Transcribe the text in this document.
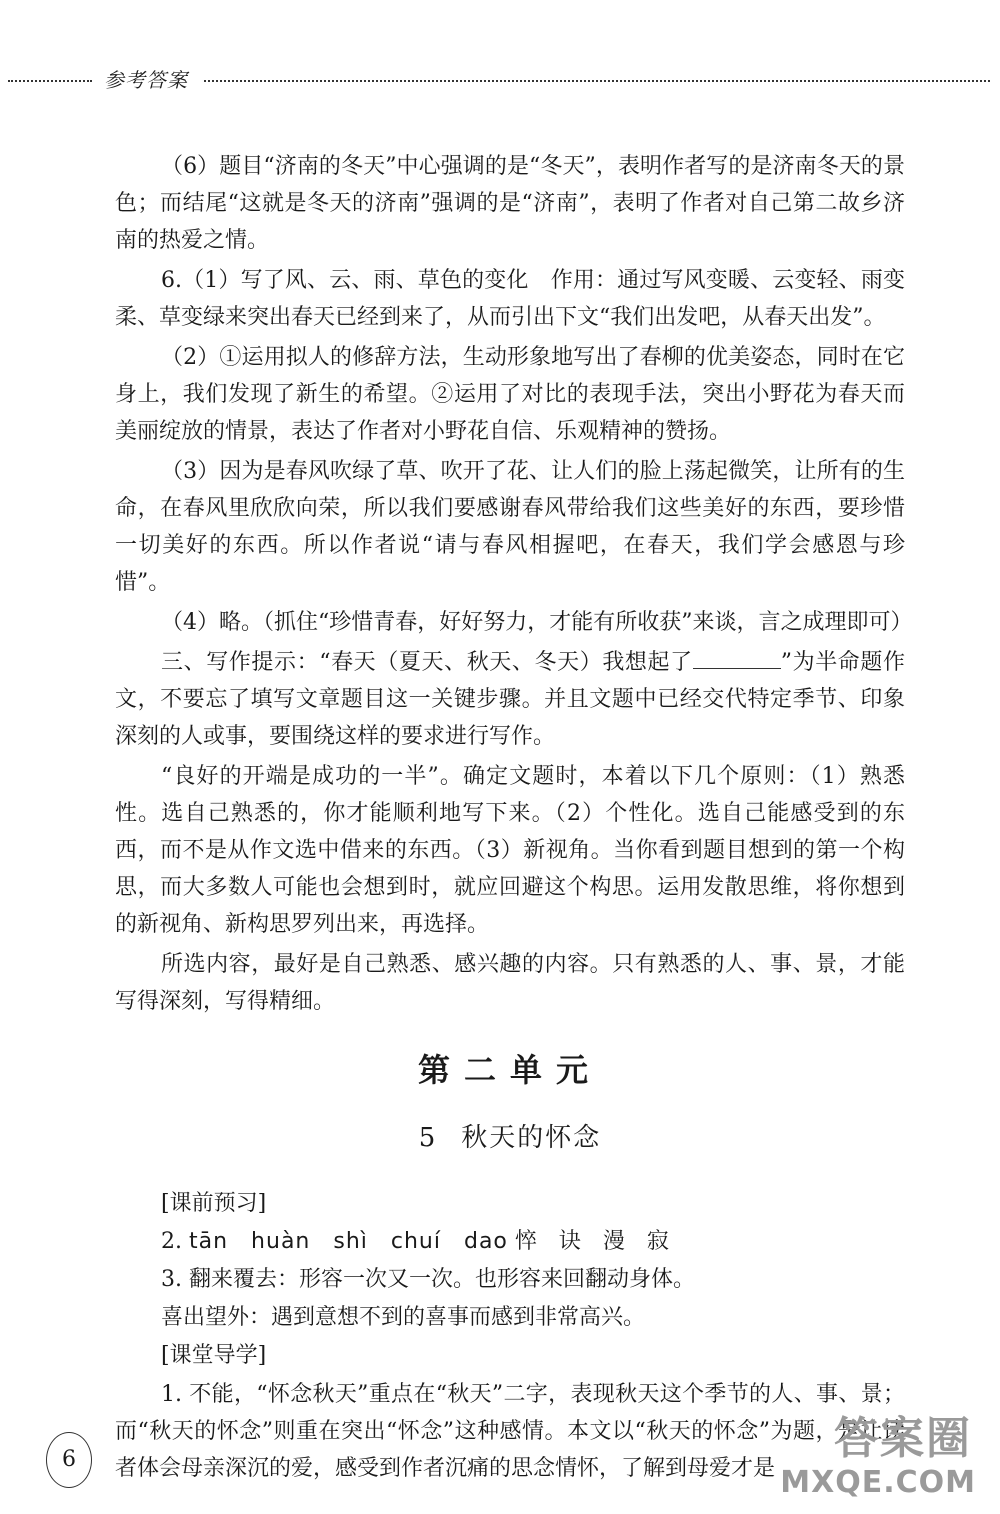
参考答案

（6）题目“济南的冬天”中心强调的是“冬天”，表明作者写的是济南冬天的景色；而结尾“这就是冬天的济南”强调的是“济南”，表明了作者对自己第二故乡济南的热爱之情。

6.（1）写了风、云、雨、草色的变化　作用：通过写风变暖、云变轻、雨变柔、草变绿来突出春天已经到来了，从而引出下文“我们出发吧，从春天出发”。

（2）①运用拟人的修辞方法，生动形象地写出了春柳的优美姿态，同时在它身上，我们发现了新生的希望。②运用了对比的表现手法，突出小野花为春天而美丽绽放的情景，表达了作者对小野花自信、乐观精神的赞扬。

（3）因为是春风吹绿了草、吹开了花、让人们的脸上荡起微笑，让所有的生命，在春风里欣欣向荣，所以我们要感谢春风带给我们这些美好的东西，要珍惜一切美好的东西。所以作者说“请与春风相握吧，在春天，我们学会感恩与珍惜”。

（4）略。（抓住“珍惜青春，好好努力，才能有所收获”来谈，言之成理即可）

三、写作提示：“春天（夏天、秋天、冬天）我想起了	”为半命题作文，不要忘了填写文章题目这一关键步骤。并且文题中已经交代特定季节、印象深刻的人或事，要围绕这样的要求进行写作。

“良好的开端是成功的一半”。确定文题时，本着以下几个原则：（1）熟悉性。选自己熟悉的，你才能顺利地写下来。（2）个性化。选自己能感受到的东西，而不是从作文选中借来的东西。（3）新视角。当你看到题目想到的第一个构思，而大多数人可能也会想到时，就应回避这个构思。运用发散思维，将你想到的新视角、新构思罗列出来，再选择。

所选内容，最好是自己熟悉、感兴趣的内容。只有熟悉的人、事、景，才能写得深刻，写得精细。

第二单元
5 秋天的怀念
[课前预习]
2. tān　huàn　shì　chuí　dao 悴　诀　漫　寂
3. 翻来覆去：形容一次又一次。也形容来回翻动身体。
喜出望外：遇到意想不到的喜事而感到非常高兴。
[课堂导学]

1. 不能，“怀念秋天”重点在“秋天”二字，表现秋天这个季节的人、事、景；而“秋天的怀念”则重在突出“怀念”这种感情。本文以“秋天的怀念”为题，是让读者体会母亲深沉的爱，感受到作者沉痛的思念情怀，了解到母爱才是

6	答案圈
MXQE.COM
